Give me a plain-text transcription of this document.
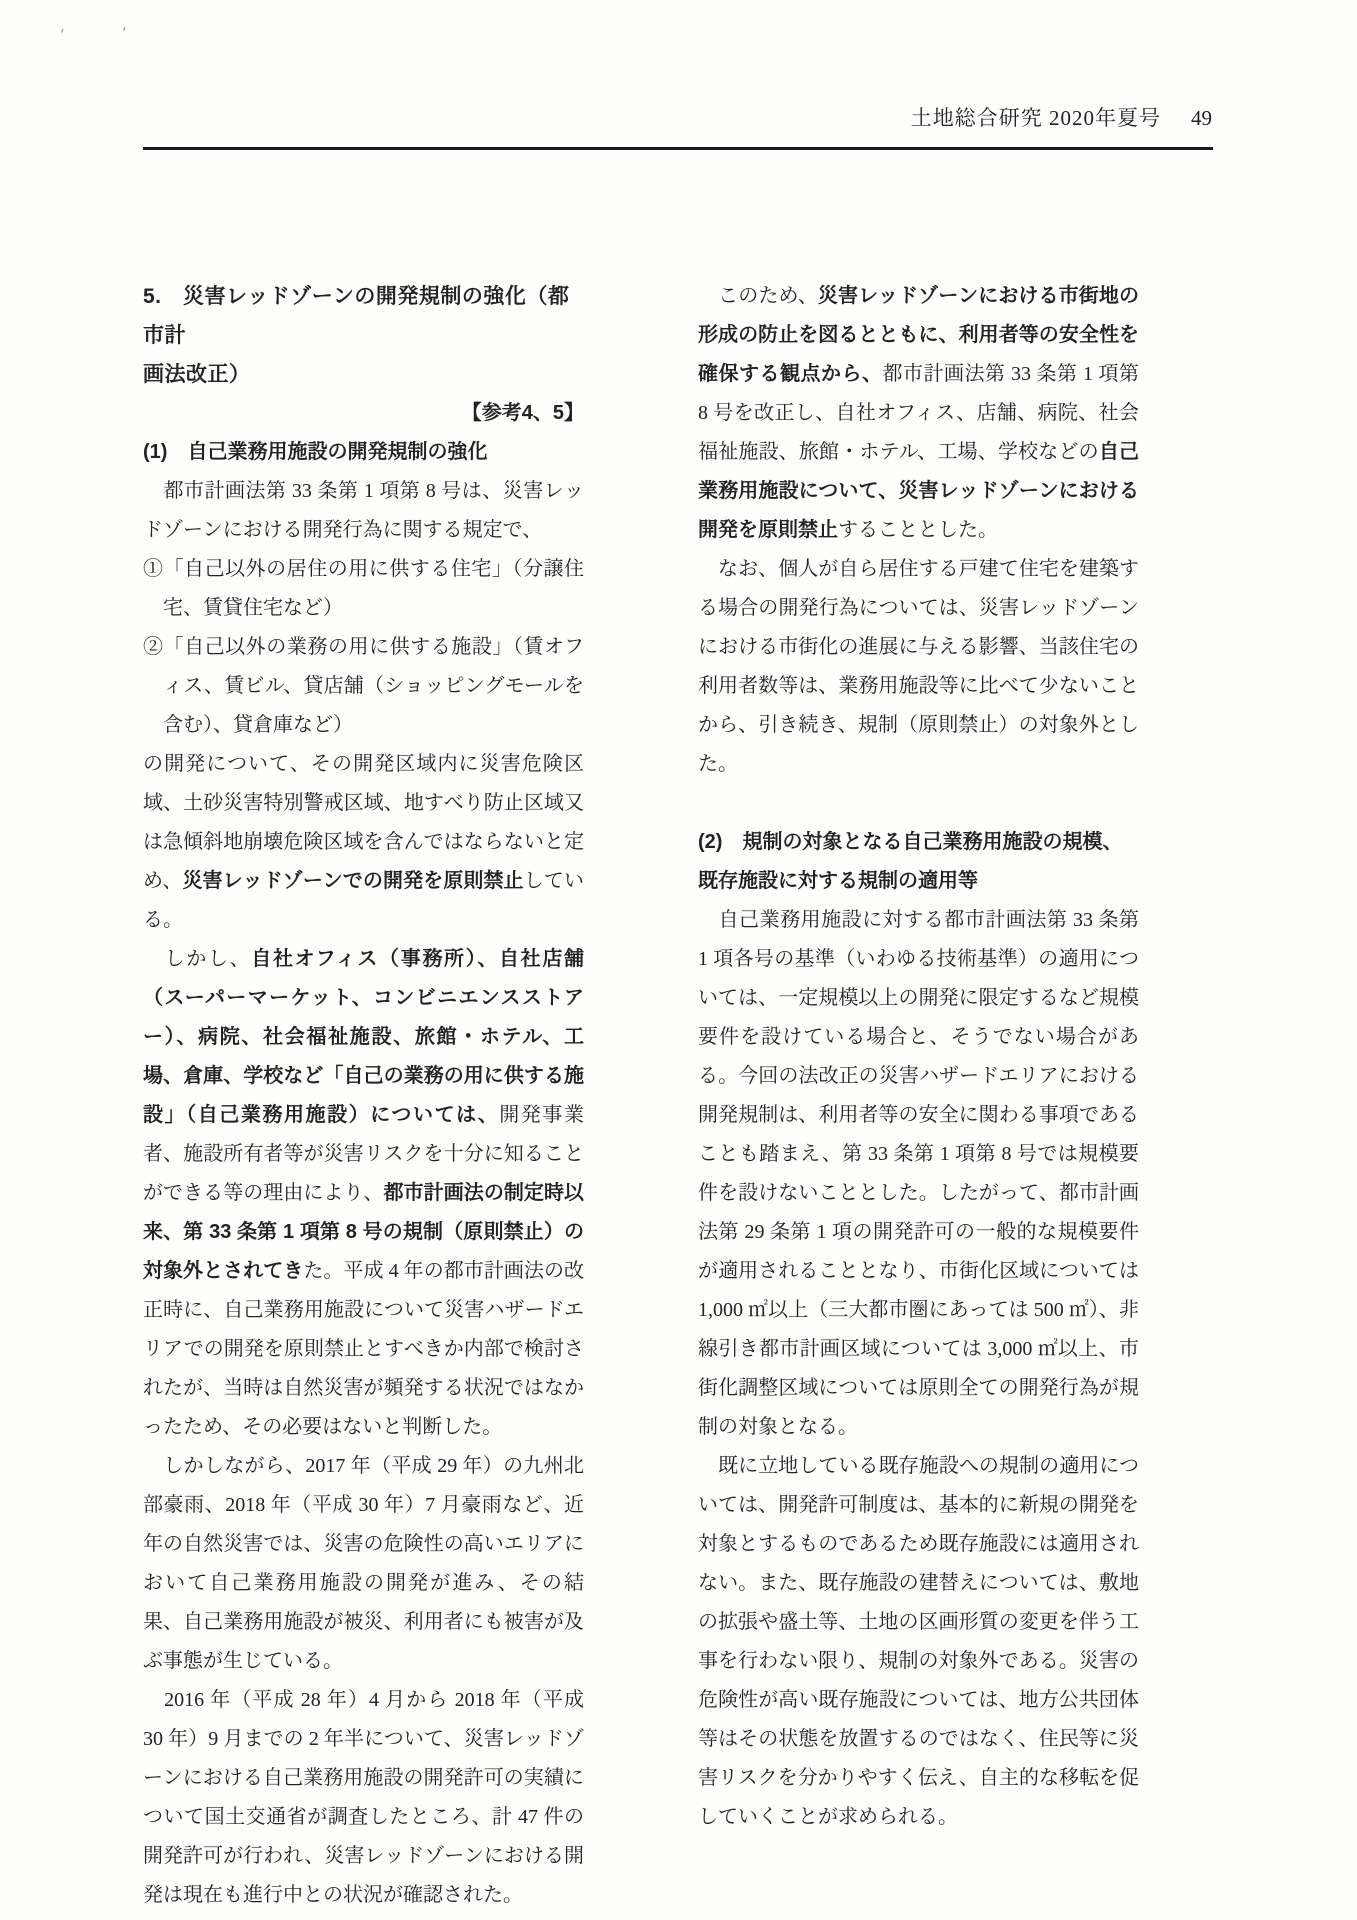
ʻ	ʻ
土地総合研究 2020年夏号 49
5.　災害レッドゾーンの開発規制の強化（都市計
画法改正）
【参考4、5】
(1)　自己業務用施設の開発規制の強化
　都市計画法第 33 条第 1 項第 8 号は、災害レッドゾーンにおける開発行為に関する規定で、
①「自己以外の居住の用に供する住宅」（分譲住宅、賃貸住宅など）
②「自己以外の業務の用に供する施設」（賃オフィス、賃ビル、貸店舗（ショッピングモールを含む）、貸倉庫など）
の開発について、その開発区域内に災害危険区域、土砂災害特別警戒区域、地すべり防止区域又は急傾斜地崩壊危険区域を含んではならないと定め、災害レッドゾーンでの開発を原則禁止している。
　しかし、自社オフィス（事務所）、自社店舗（スーパーマーケット、コンビニエンスストアー）、病院、社会福祉施設、旅館・ホテル、工場、倉庫、学校など「自己の業務の用に供する施設」（自己業務用施設）については、開発事業者、施設所有者等が災害リスクを十分に知ることができる等の理由により、都市計画法の制定時以来、第 33 条第 1 項第 8 号の規制（原則禁止）の対象外とされてきた。平成 4 年の都市計画法の改正時に、自己業務用施設について災害ハザードエリアでの開発を原則禁止とすべきか内部で検討されたが、当時は自然災害が頻発する状況ではなかったため、その必要はないと判断した。
　しかしながら、2017 年（平成 29 年）の九州北部豪雨、2018 年（平成 30 年）7 月豪雨など、近年の自然災害では、災害の危険性の高いエリアにおいて自己業務用施設の開発が進み、その結果、自己業務用施設が被災、利用者にも被害が及ぶ事態が生じている。
　2016 年（平成 28 年）4 月から 2018 年（平成 30 年）9 月までの 2 年半について、災害レッドゾーンにおける自己業務用施設の開発許可の実績について国土交通省が調査したところ、計 47 件の開発許可が行われ、災害レッドゾーンにおける開発は現在も進行中との状況が確認された。
　このため、災害レッドゾーンにおける市街地の形成の防止を図るとともに、利用者等の安全性を確保する観点から、都市計画法第 33 条第 1 項第 8 号を改正し、自社オフィス、店舗、病院、社会福祉施設、旅館・ホテル、工場、学校などの自己業務用施設について、災害レッドゾーンにおける開発を原則禁止することとした。
　なお、個人が自ら居住する戸建て住宅を建築する場合の開発行為については、災害レッドゾーンにおける市街化の進展に与える影響、当該住宅の利用者数等は、業務用施設等に比べて少ないことから、引き続き、規制（原則禁止）の対象外とした。
(2)　規制の対象となる自己業務用施設の規模、既存施設に対する規制の適用等
　自己業務用施設に対する都市計画法第 33 条第 1 項各号の基準（いわゆる技術基準）の適用については、一定規模以上の開発に限定するなど規模要件を設けている場合と、そうでない場合がある。今回の法改正の災害ハザードエリアにおける開発規制は、利用者等の安全に関わる事項であることも踏まえ、第 33 条第 1 項第 8 号では規模要件を設けないこととした。したがって、都市計画法第 29 条第 1 項の開発許可の一般的な規模要件が適用されることとなり、市街化区域については 1,000 ㎡以上（三大都市圏にあっては 500 ㎡）、非線引き都市計画区域については 3,000 ㎡以上、市街化調整区域については原則全ての開発行為が規制の対象となる。
　既に立地している既存施設への規制の適用については、開発許可制度は、基本的に新規の開発を対象とするものであるため既存施設には適用されない。また、既存施設の建替えについては、敷地の拡張や盛土等、土地の区画形質の変更を伴う工事を行わない限り、規制の対象外である。災害の危険性が高い既存施設については、地方公共団体等はその状態を放置するのではなく、住民等に災害リスクを分かりやすく伝え、自主的な移転を促していくことが求められる。
